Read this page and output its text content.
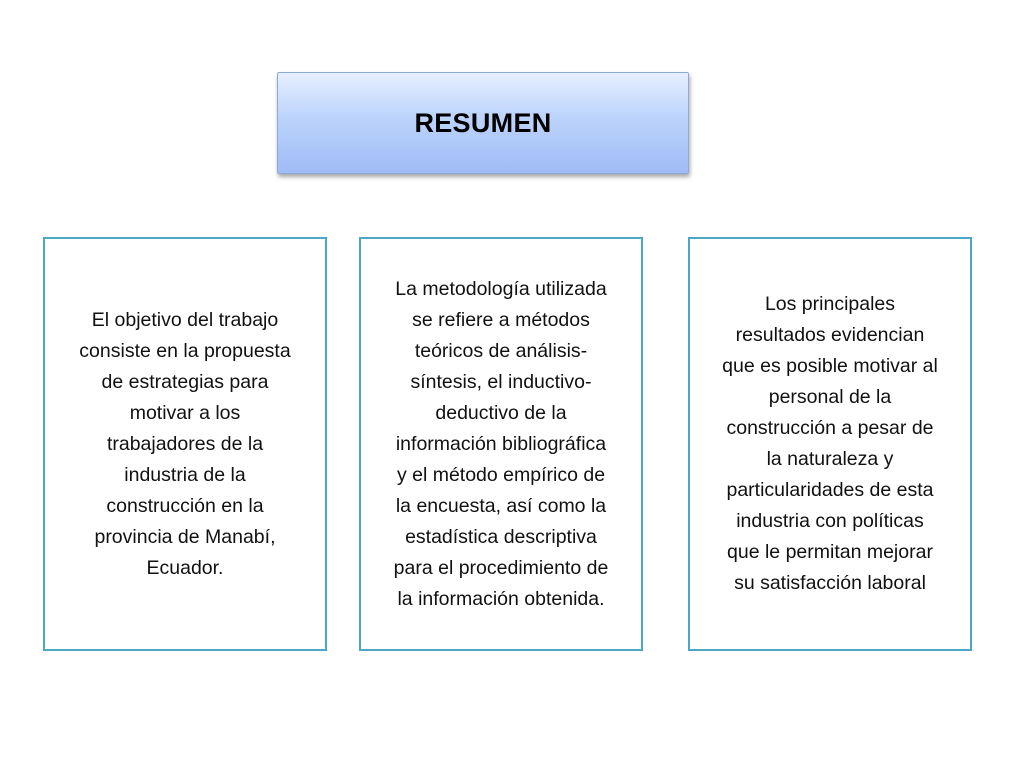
RESUMEN
El objetivo del trabajo
consiste en la propuesta
de estrategias para
motivar a los
trabajadores de la
industria de la
construcción en la
provincia de Manabí,
Ecuador.
La metodología utilizada
se refiere a métodos
teóricos de análisis-
síntesis, el inductivo-
deductivo de la
información bibliográfica
y el método empírico de
la encuesta, así como la
estadística descriptiva
para el procedimiento de
la información obtenida.
Los principales
resultados evidencian
que es posible motivar al
personal de la
construcción a pesar de
la naturaleza y
particularidades de esta
industria con políticas
que le permitan mejorar
su satisfacción laboral
